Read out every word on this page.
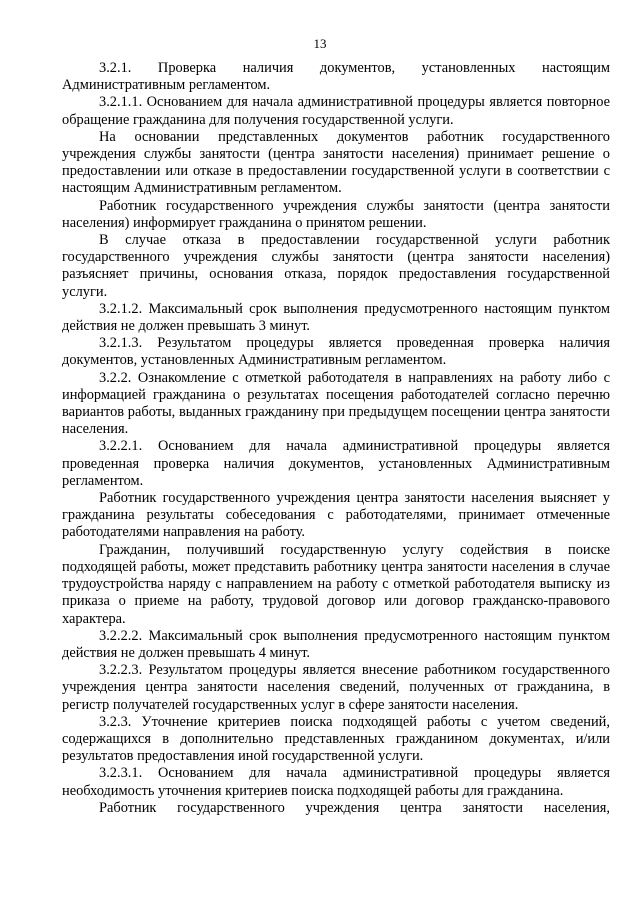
13

3.2.1. Проверка наличия документов, установленных настоящим Административным регламентом.

3.2.1.1. Основанием для начала административной процедуры является повторное обращение гражданина для получения государственной услуги.

На основании представленных документов работник государственного учреждения службы занятости (центра занятости населения) принимает решение о предоставлении или отказе в предоставлении государственной услуги в соответствии с настоящим Административным регламентом.

Работник государственного учреждения службы занятости (центра занятости населения) информирует гражданина о принятом решении.

В случае отказа в предоставлении государственной услуги работник государственного учреждения службы занятости (центра занятости населения) разъясняет причины, основания отказа, порядок предоставления государственной услуги.

3.2.1.2. Максимальный срок выполнения предусмотренного настоящим пунктом действия не должен превышать 3 минут.

3.2.1.3. Результатом процедуры является проведенная проверка наличия документов, установленных Административным регламентом.

3.2.2. Ознакомление с отметкой работодателя в направлениях на работу либо с информацией гражданина о результатах посещения работодателей согласно перечню вариантов работы, выданных гражданину при предыдущем посещении центра занятости населения.

3.2.2.1. Основанием для начала административной процедуры является проведенная проверка наличия документов, установленных Административным регламентом.

Работник государственного учреждения центра занятости населения выясняет у гражданина результаты собеседования с работодателями, принимает отмеченные работодателями направления на работу.

Гражданин, получивший государственную услугу содействия в поиске подходящей работы, может представить работнику центра занятости населения в случае трудоустройства наряду с направлением на работу с отметкой работодателя выписку из приказа о приеме на работу, трудовой договор или договор гражданско-правового характера.

3.2.2.2. Максимальный срок выполнения предусмотренного настоящим пунктом действия не должен превышать 4 минут.

3.2.2.3. Результатом процедуры является внесение работником государственного учреждения центра занятости населения сведений, полученных от гражданина, в регистр получателей государственных услуг в сфере занятости населения.

3.2.3. Уточнение критериев поиска подходящей работы с учетом сведений, содержащихся в дополнительно представленных гражданином документах, и/или результатов предоставления иной государственной услуги.

3.2.3.1. Основанием для начала административной процедуры является необходимость уточнения критериев поиска подходящей работы для гражданина.

Работник государственного учреждения центра занятости населения,
